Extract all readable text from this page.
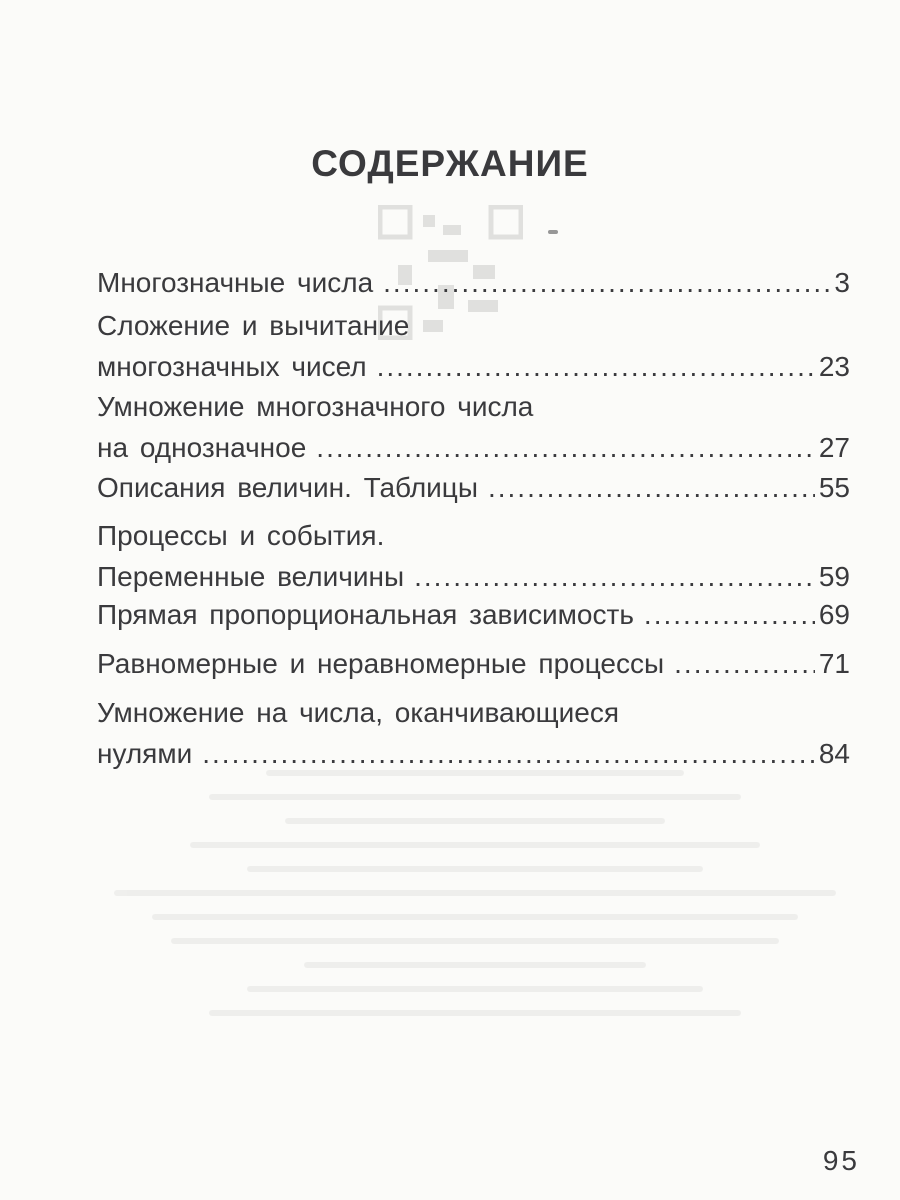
СОДЕРЖАНИЕ
Многозначные числа .....	3
Сложение и вычитание
многозначных чисел .....	23
Умножение многозначного числа
на однозначное .....	27
Описания величин. Таблицы .....	55
Процессы и события.
Переменные величины .....	59
Прямая пропорциональная зависимость .....	69
Равномерные и неравномерные процессы .....	71
Умножение на числа, оканчивающиеся
нулями .....	84
95
